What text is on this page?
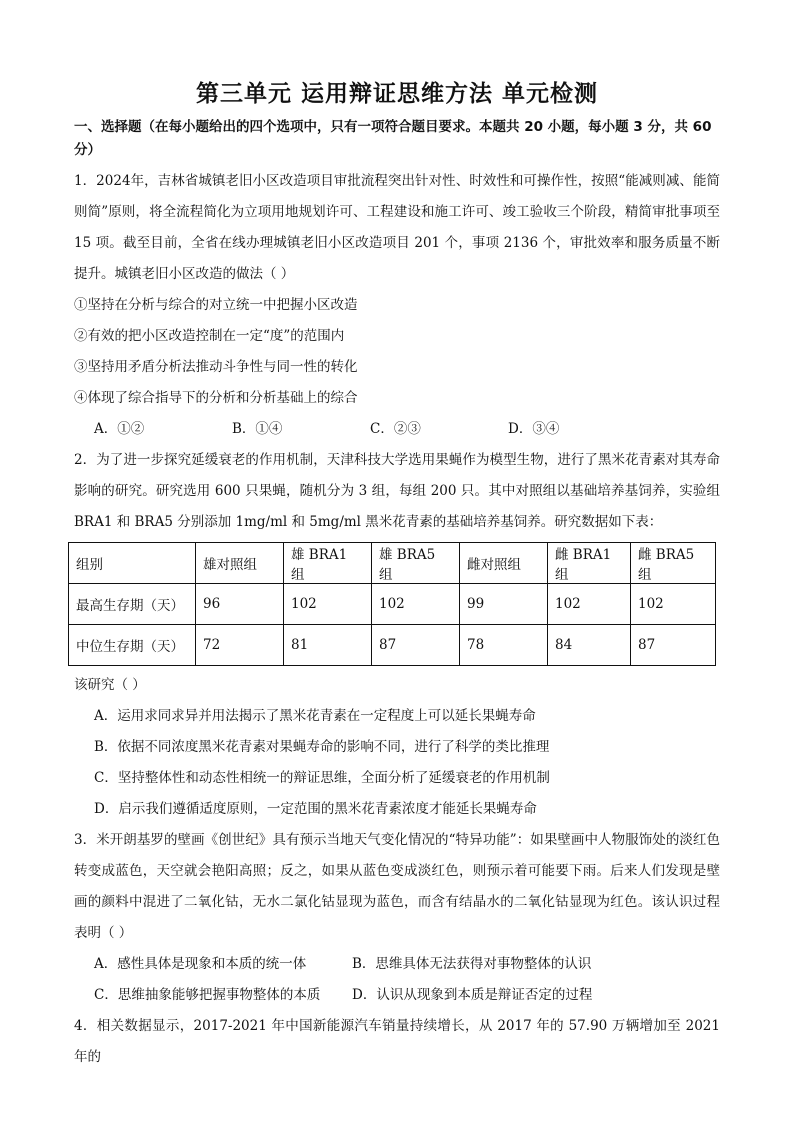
第三单元 运用辩证思维方法 单元检测
一、选择题（在每小题给出的四个选项中，只有一项符合题目要求。本题共 20 小题，每小题 3 分，共 60 分）

1．2024年，吉林省城镇老旧小区改造项目审批流程突出针对性、时效性和可操作性，按照“能减则减、能简则简”原则，将全流程简化为立项用地规划许可、工程建设和施工许可、竣工验收三个阶段，精简审批事项至 15 项。截至目前，全省在线办理城镇老旧小区改造项目 201 个，事项 2136 个，审批效率和服务质量不断提升。城镇老旧小区改造的做法（ ）

①坚持在分析与综合的对立统一中把握小区改造

②有效的把小区改造控制在一定“度”的范围内

③坚持用矛盾分析法推动斗争性与同一性的转化

④体现了综合指导下的分析和分析基础上的综合

A．①②	B．①④	C．②③	D．③④

2．为了进一步探究延缓衰老的作用机制，天津科技大学选用果蝇作为模型生物，进行了黑米花青素对其寿命影响的研究。研究选用 600 只果蝇，随机分为 3 组，每组 200 只。其中对照组以基础培养基饲养，实验组 BRA1 和 BRA5 分别添加 1mg/ml 和 5mg/ml 黑米花青素的基础培养基饲养。研究数据如下表：

组别	雄对照组	雄 BRA1 组	雄 BRA5 组	雌对照组	雌 BRA1 组	雌 BRA5 组
最高生存期（天）	96	102	102	99	102	102
中位生存期（天）	72	81	87	78	84	87

该研究（ ）

A．运用求同求异并用法揭示了黑米花青素在一定程度上可以延长果蝇寿命

B．依据不同浓度黑米花青素对果蝇寿命的影响不同，进行了科学的类比推理

C．坚持整体性和动态性相统一的辩证思维，全面分析了延缓衰老的作用机制

D．启示我们遵循适度原则，一定范围的黑米花青素浓度才能延长果蝇寿命

3．米开朗基罗的壁画《创世纪》具有预示当地天气变化情况的“特异功能”：如果壁画中人物服饰处的淡红色转变成蓝色，天空就会艳阳高照；反之，如果从蓝色变成淡红色，则预示着可能要下雨。后来人们发现是壁画的颜料中混进了二氧化钴，无水二氯化钴显现为蓝色，而含有结晶水的二氧化钴显现为红色。该认识过程表明（ ）

A．感性具体是现象和本质的统一体	B．思维具体无法获得对事物整体的认识
C．思维抽象能够把握事物整体的本质	D．认识从现象到本质是辩证否定的过程

4．相关数据显示，2017-2021 年中国新能源汽车销量持续增长，从 2017 年的 57.90 万辆增加至 2021 年的
